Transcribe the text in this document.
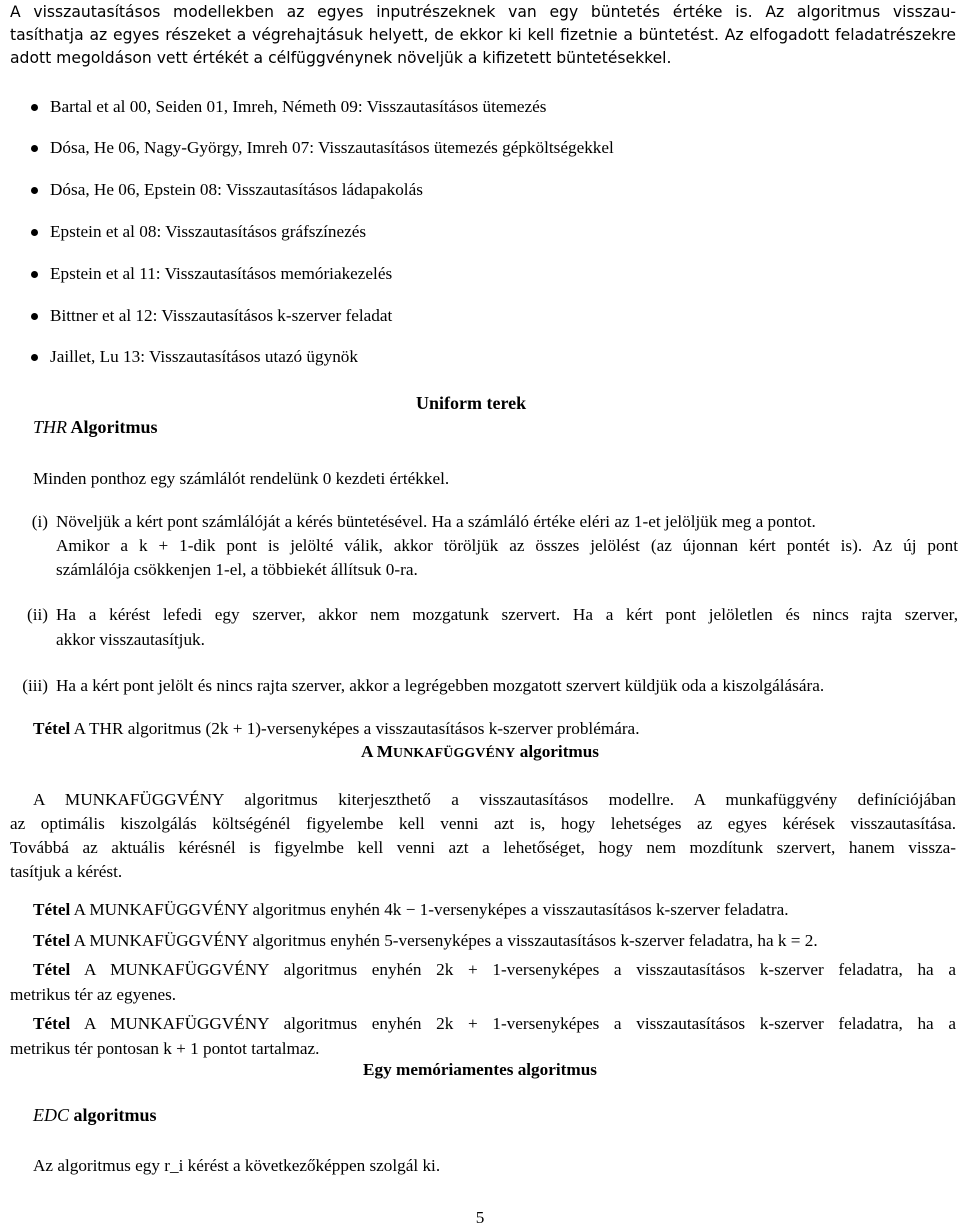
A visszautasításos modellekben az egyes inputrészeknek van egy büntetés értéke is. Az algoritmus visszau-
tasíthatja az egyes részeket a végrehajtásuk helyett, de ekkor ki kell fizetnie a büntetést. Az elfogadott feladatrészekre
adott megoldáson vett értékét a célfüggvénynek növeljük a kifizetett büntetésekkel.
Bartal et al 00, Seiden 01, Imreh, Németh 09: Visszautasításos ütemezés
Dósa, He 06, Nagy-György, Imreh 07: Visszautasításos ütemezés gépköltségekkel
Dósa, He 06, Epstein 08: Visszautasításos ládapakolás
Epstein et al 08: Visszautasításos gráfszínezés
Epstein et al 11: Visszautasításos memóriakezelés
Bittner et al 12: Visszautasításos k-szerver feladat
Jaillet, Lu 13: Visszautasításos utazó ügynök
Uniform terek
THR Algoritmus
Minden ponthoz egy számlálót rendelünk 0 kezdeti értékkel.
(i) Növeljük a kért pont számlálóját a kérés büntetésével. Ha a számláló értéke eléri az 1-et jelöljük meg a pontot.
Amikor a k + 1-dik pont is jelölté válik, akkor töröljük az összes jelölést (az újonnan kért pontét is). Az új pont
számlálója csökkenjen 1-el, a többiekét állítsuk 0-ra.
(ii) Ha a kérést lefedi egy szerver, akkor nem mozgatunk szervert. Ha a kért pont jelöletlen és nincs rajta szerver,
akkor visszautasítjuk.
(iii) Ha a kért pont jelölt és nincs rajta szerver, akkor a legrégebben mozgatott szervert küldjük oda a kiszolgálására.
Tétel A THR algoritmus (2k + 1)-versenyképes a visszautasításos k-szerver problémára.
A MUNKAFÜGGVÉNY algoritmus
A MUNKAFÜGGVÉNY algoritmus kiterjeszthető a visszautasításos modellre. A munkafüggvény definíciójában
az optimális kiszolgálás költségénél figyelembe kell venni azt is, hogy lehetséges az egyes kérések visszautasítása.
Továbbá az aktuális kérésnél is figyelmbe kell venni azt a lehetőséget, hogy nem mozdítunk szervert, hanem vissza-
tasítjuk a kérést.
Tétel A MUNKAFÜGGVÉNY algoritmus enyhén 4k − 1-versenyképes a visszautasításos k-szerver feladatra.
Tétel A MUNKAFÜGGVÉNY algoritmus enyhén 5-versenyképes a visszautasításos k-szerver feladatra, ha k = 2.
Tétel A MUNKAFÜGGVÉNY algoritmus enyhén 2k + 1-versenyképes a visszautasításos k-szerver feladatra, ha a
metrikus tér az egyenes.
Tétel A MUNKAFÜGGVÉNY algoritmus enyhén 2k + 1-versenyképes a visszautasításos k-szerver feladatra, ha a
metrikus tér pontosan k + 1 pontot tartalmaz.
Egy memóriamentes algoritmus
EDC algoritmus
Az algoritmus egy r_i kérést a következőképpen szolgál ki.
5
